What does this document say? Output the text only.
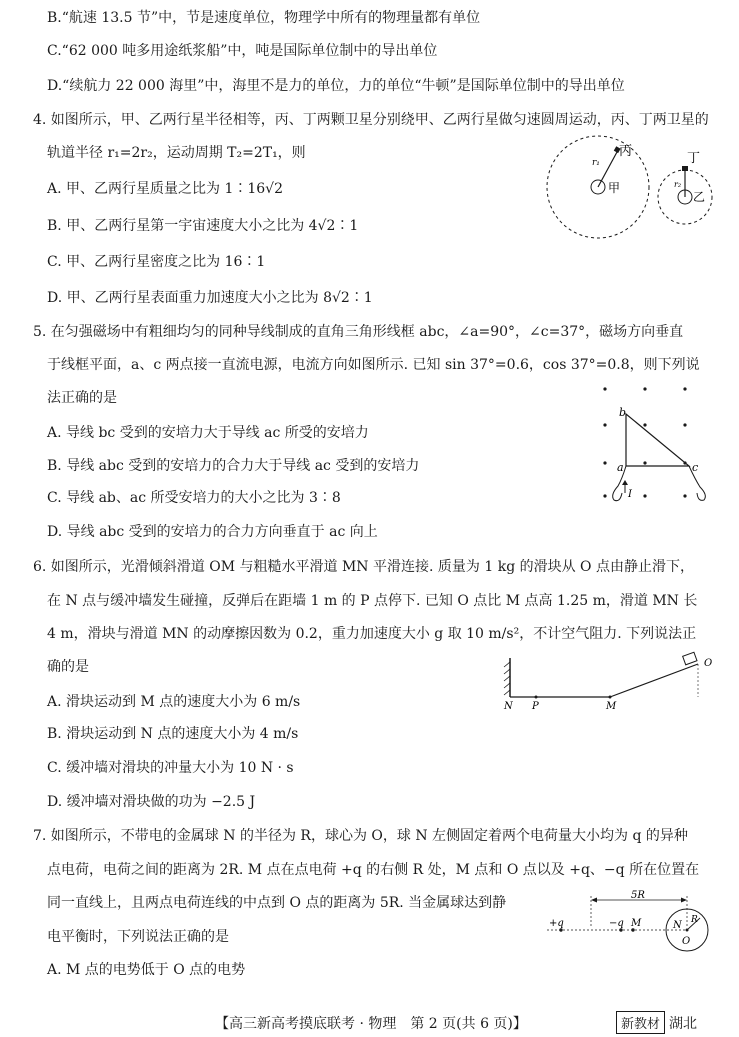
B.“航速 13.5 节”中，节是速度单位，物理学中所有的物理量都有单位
C.“62 000 吨多用途纸浆船”中，吨是国际单位制中的导出单位
D.“续航力 22 000 海里”中，海里不是力的单位，力的单位“牛顿”是国际单位制中的导出单位
4. 如图所示，甲、乙两行星半径相等，丙、丁两颗卫星分别绕甲、乙两行星做匀速圆周运动，丙、丁两卫星的
轨道半径 r₁=2r₂，运动周期 T₂=2T₁，则
A. 甲、乙两行星质量之比为 1∶16√2
B. 甲、乙两行星第一宇宙速度大小之比为 4√2∶1
C. 甲、乙两行星密度之比为 16∶1
D. 甲、乙两行星表面重力加速度大小之比为 8√2∶1
丙
r₁
甲
丁
r₂
乙
5. 在匀强磁场中有粗细均匀的同种导线制成的直角三角形线框 abc，∠a=90°，∠c=37°，磁场方向垂直
于线框平面，a、c 两点接一直流电源，电流方向如图所示. 已知 sin 37°=0.6，cos 37°=0.8，则下列说
法正确的是
A. 导线 bc 受到的安培力大于导线 ac 所受的安培力
B. 导线 abc 受到的安培力的合力大于导线 ac 受到的安培力
C. 导线 ab、ac 所受安培力的大小之比为 3∶8
D. 导线 abc 受到的安培力的合力方向垂直于 ac 向上
b
a	c
I
6. 如图所示，光滑倾斜滑道 OM 与粗糙水平滑道 MN 平滑连接. 质量为 1 kg 的滑块从 O 点由静止滑下，
在 N 点与缓冲墙发生碰撞，反弹后在距墙 1 m 的 P 点停下. 已知 O 点比 M 点高 1.25 m，滑道 MN 长
4 m，滑块与滑道 MN 的动摩擦因数为 0.2，重力加速度大小 g 取 10 m/s²，不计空气阻力. 下列说法正
确的是
A. 滑块运动到 M 点的速度大小为 6 m/s
B. 滑块运动到 N 点的速度大小为 4 m/s
C. 缓冲墙对滑块的冲量大小为 10 N · s
D. 缓冲墙对滑块做的功为 −2.5 J
N P	M
O
7. 如图所示，不带电的金属球 N 的半径为 R，球心为 O，球 N 左侧固定着两个电荷量大小均为 q 的异种
点电荷，电荷之间的距离为 2R. M 点在点电荷 +q 的右侧 R 处，M 点和 O 点以及 +q、−q 所在位置在
同一直线上，且两点电荷连线的中点到 O 点的距离为 5R. 当金属球达到静
电平衡时，下列说法正确的是
A. M 点的电势低于 O 点的电势
5R
+q	−q M	N R
O
【高三新高考摸底联考 · 物理　第 2 页(共 6 页)】	新教材 湖北
